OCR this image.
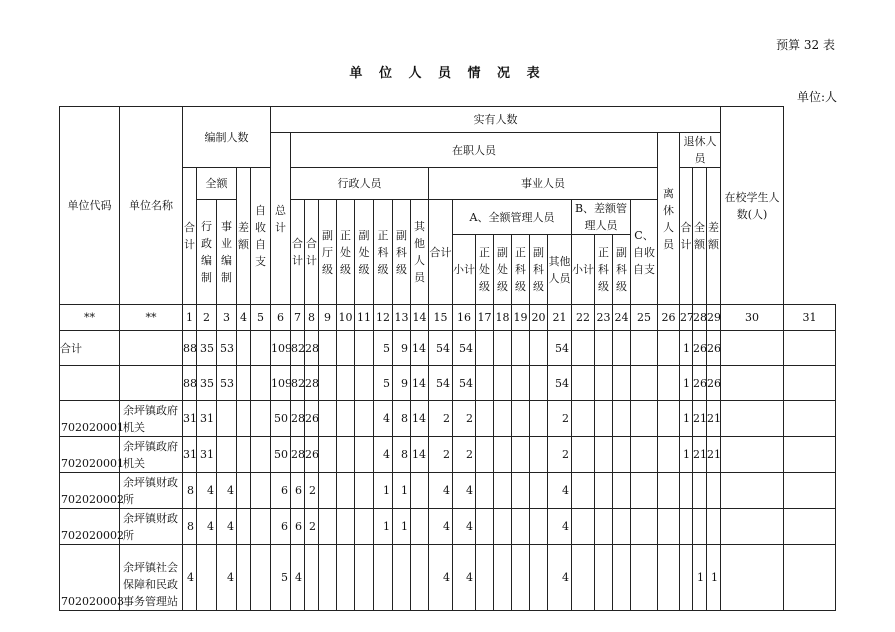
预算 32 表
单 位 人 员 情 况 表
单位:人
单位代码	单位名称	编制人数					实有人数																								在校学生人数(人)	
							总计	在职人员																			离休人员	退休人员				
		合计	全额		差额	自收自支		行政人员								事业人员												合计	全额	差额		
			行政编制	事业编制				合计	合计	副厅级	正处级	副处级	正科级	副科级	其他人员	合计	A、全额管理人员						B、差额管理人员			C、自收自支						
																	小计	正处级	副处级	正科级	副科级	其他人员	小计	正科级	副科级							

**	**	1	2	3	4	5	6	7	8	9	10	11	12	13	14	15	16	17	18	19	20	21	22	23	24	25	26	27	28	29	30	31
合计		88	35	53			109	82	28				5	9	14	54	54					54						1	26	26		
		88	35	53			109	82	28				5	9	14	54	54					54						1	26	26		
702020001	余坪镇政府机关	31	31				50	28	26				4	8	14	2	2					2						1	21	21		
702020001	余坪镇政府机关	31	31				50	28	26				4	8	14	2	2					2						1	21	21		
702020002	余坪镇财政所	8	4	4			6	6	2				1	1		4	4					4										
702020002	余坪镇财政所	8	4	4			6	6	2				1	1		4	4					4										
702020003	余坪镇社会保障和民政事务管理站	4		4			5	4								4	4					4							1	1		
